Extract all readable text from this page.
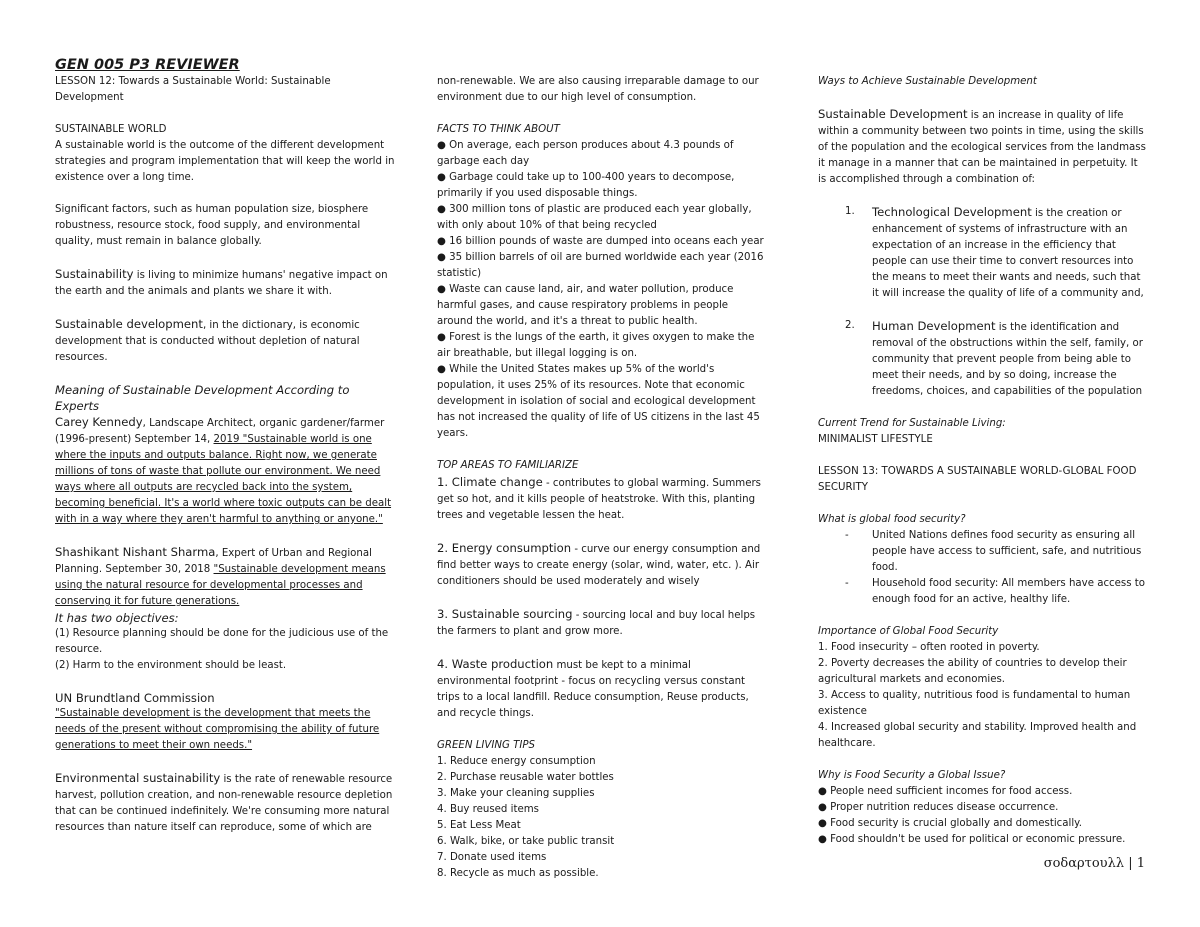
GEN 005 P3 REVIEWER

LESSON 12: Towards a Sustainable World: Sustainable Development

SUSTAINABLE WORLD

A sustainable world is the outcome of the different development strategies and program implementation that will keep the world in existence over a long time.

Significant factors, such as human population size, biosphere robustness, resource stock, food supply, and environmental quality, must remain in balance globally.

Sustainability is living to minimize humans' negative impact on the earth and the animals and plants we share it with.

Sustainable development, in the dictionary, is economic development that is conducted without depletion of natural resources.

Meaning of Sustainable Development According to Experts

Carey Kennedy, Landscape Architect, organic gardener/farmer (1996-present) September 14, 2019 "Sustainable world is one where the inputs and outputs balance. Right now, we generate millions of tons of waste that pollute our environment. We need ways where all outputs are recycled back into the system, becoming beneficial. It's a world where toxic outputs can be dealt with in a way where they aren't harmful to anything or anyone."

Shashikant Nishant Sharma, Expert of Urban and Regional Planning. September 30, 2018 "Sustainable development means using the natural resource for developmental processes and conserving it for future generations.

It has two objectives:

(1) Resource planning should be done for the judicious use of the resource.

(2) Harm to the environment should be least.

UN Brundtland Commission

"Sustainable development is the development that meets the needs of the present without compromising the ability of future generations to meet their own needs."

Environmental sustainability is the rate of renewable resource harvest, pollution creation, and non-renewable resource depletion that can be continued indefinitely. We're consuming more natural resources than nature itself can reproduce, some of which are

non-renewable. We are also causing irreparable damage to our environment due to our high level of consumption.

FACTS TO THINK ABOUT

● On average, each person produces about 4.3 pounds of garbage each day

● Garbage could take up to 100-400 years to decompose, primarily if you used disposable things.

● 300 million tons of plastic are produced each year globally, with only about 10% of that being recycled

● 16 billion pounds of waste are dumped into oceans each year

● 35 billion barrels of oil are burned worldwide each year (2016 statistic)

● Waste can cause land, air, and water pollution, produce harmful gases, and cause respiratory problems in people around the world, and it's a threat to public health.

● Forest is the lungs of the earth, it gives oxygen to make the air breathable, but illegal logging is on.

● While the United States makes up 5% of the world's population, it uses 25% of its resources. Note that economic development in isolation of social and ecological development has not increased the quality of life of US citizens in the last 45 years.

TOP AREAS TO FAMILIARIZE

1. Climate change - contributes to global warming. Summers get so hot, and it kills people of heatstroke. With this, planting trees and vegetable lessen the heat.

2. Energy consumption - curve our energy consumption and find better ways to create energy (solar, wind, water, etc. ). Air conditioners should be used moderately and wisely

3. Sustainable sourcing - sourcing local and buy local helps the farmers to plant and grow more.

4. Waste production must be kept to a minimal environmental footprint - focus on recycling versus constant trips to a local landfill. Reduce consumption, Reuse products, and recycle things.

GREEN LIVING TIPS

1. Reduce energy consumption

2. Purchase reusable water bottles

3. Make your cleaning supplies

4. Buy reused items

5. Eat Less Meat

6. Walk, bike, or take public transit

7. Donate used items

8. Recycle as much as possible.

Ways to Achieve Sustainable Development

Sustainable Development is an increase in quality of life within a community between two points in time, using the skills of the population and the ecological services from the landmass it manage in a manner that can be maintained in perpetuity. It is accomplished through a combination of:

1. Technological Development is the creation or enhancement of systems of infrastructure with an expectation of an increase in the efficiency that people can use their time to convert resources into the means to meet their wants and needs, such that it will increase the quality of life of a community and,
2. Human Development is the identification and removal of the obstructions within the self, family, or community that prevent people from being able to meet their needs, and by so doing, increase the freedoms, choices, and capabilities of the population

Current Trend for Sustainable Living:

MINIMALIST LIFESTYLE

LESSON 13: TOWARDS A SUSTAINABLE WORLD-GLOBAL FOOD SECURITY

What is global food security?

- United Nations defines food security as ensuring all people have access to sufficient, safe, and nutritious food.
- Household food security: All members have access to enough food for an active, healthy life.

Importance of Global Food Security

1. Food insecurity – often rooted in poverty.

2. Poverty decreases the ability of countries to develop their agricultural markets and economies.

3. Access to quality, nutritious food is fundamental to human existence

4. Increased global security and stability. Improved health and healthcare.

Why is Food Security a Global Issue?

● People need sufficient incomes for food access.

● Proper nutrition reduces disease occurrence.

● Food security is crucial globally and domestically.

● Food shouldn't be used for political or economic pressure.

σοδαρτουλλ | 1
